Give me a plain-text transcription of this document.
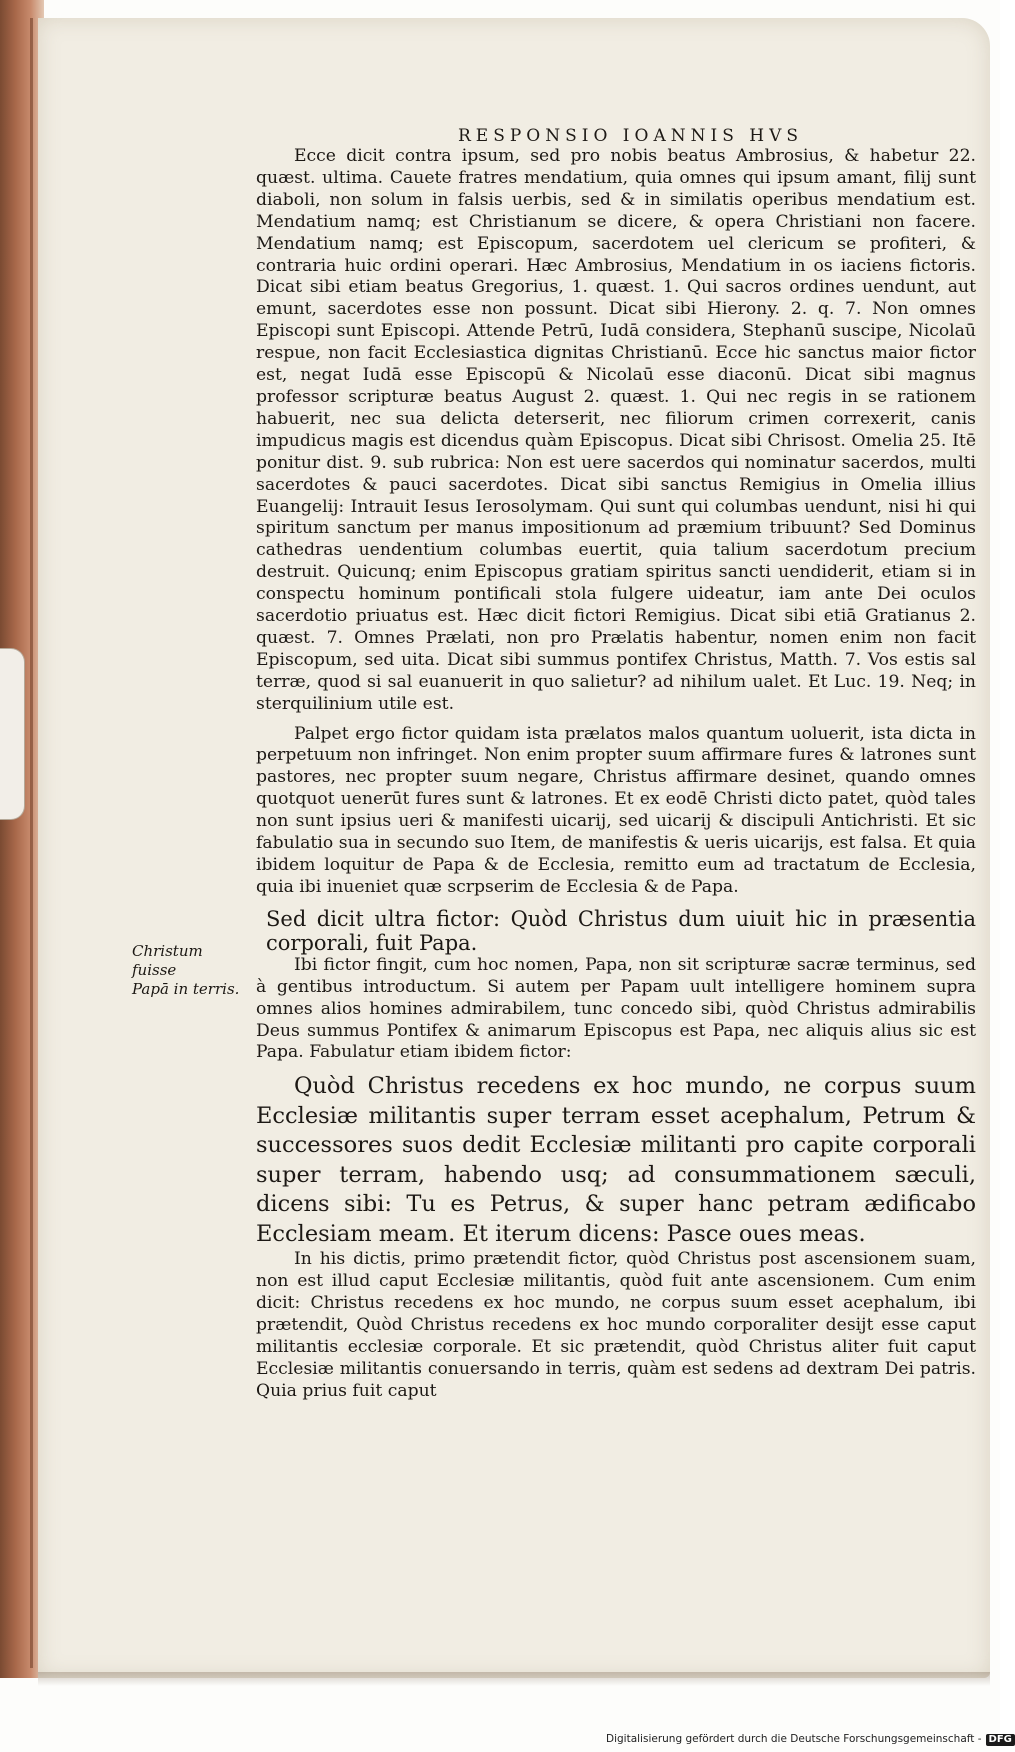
RESPONSIO IOANNIS HVS
Christum fuisse
Papā in terris.

Ecce dicit contra ipsum, sed pro nobis beatus Ambrosius, & habetur 22. quæst. ultima. Cauete fratres mendatium, quia omnes qui ipsum amant, filij sunt diaboli, non solum in falsis uerbis, sed & in similatis operibus mendatium est. Mendatium namq; est Christianum se dicere, & opera Christiani non facere. Mendatium namq; est Episcopum, sacerdotem uel clericum se profiteri, & contraria huic ordini operari. Hæc Ambrosius, Mendatium in os iaciens fictoris. Dicat sibi etiam beatus Gregorius, 1. quæst. 1. Qui sacros ordines uendunt, aut emunt, sacerdotes esse non possunt. Dicat sibi Hierony. 2. q. 7. Non omnes Episcopi sunt Episcopi. Attende Petrū, Iudā considera, Stephanū suscipe, Nicolaū respue, non facit Ecclesiastica dignitas Christianū. Ecce hic sanctus maior fictor est, negat Iudā esse Episcopū & Nicolaū esse diaconū. Dicat sibi magnus professor scripturæ beatus August 2. quæst. 1. Qui nec regis in se rationem habuerit, nec sua delicta deterserit, nec filiorum crimen correxerit, canis impudicus magis est dicendus quàm Episcopus. Dicat sibi Chrisost. Omelia 25. Itē ponitur dist. 9. sub rubrica: Non est uere sacerdos qui nominatur sacerdos, multi sacerdotes & pauci sacerdotes. Dicat sibi sanctus Remigius in Omelia illius Euangelij: Intrauit Iesus Ierosolymam. Qui sunt qui columbas uendunt, nisi hi qui spiritum sanctum per manus impositionum ad præmium tribuunt? Sed Dominus cathedras uendentium columbas euertit, quia talium sacerdotum precium destruit. Quicunq; enim Episcopus gratiam spiritus sancti uendiderit, etiam si in conspectu hominum pontificali stola fulgere uideatur, iam ante Dei oculos sacerdotio priuatus est. Hæc dicit fictori Remigius. Dicat sibi etiā Gratianus 2. quæst. 7. Omnes Prælati, non pro Prælatis habentur, nomen enim non facit Episcopum, sed uita. Dicat sibi summus pontifex Christus, Matth. 7. Vos estis sal terræ, quod si sal euanuerit in quo salietur? ad nihilum ualet. Et Luc. 19. Neq; in sterquilinium utile est.

Palpet ergo fictor quidam ista prælatos malos quantum uoluerit, ista dicta in perpetuum non infringet. Non enim propter suum affirmare fures & latrones sunt pastores, nec propter suum negare, Christus affirmare desinet, quando omnes quotquot uenerūt fures sunt & latrones. Et ex eodē Christi dicto patet, quòd tales non sunt ipsius ueri & manifesti uicarij, sed uicarij & discipuli Antichristi. Et sic fabulatio sua in secundo suo Item, de manifestis & ueris uicarijs, est falsa. Et quia ibidem loquitur de Papa & de Ecclesia, remitto eum ad tractatum de Ecclesia, quia ibi inueniet quæ scrpserim de Ecclesia & de Papa.

Sed dicit ultra fictor: Quòd Christus dum uiuit hic in præsentia corporali, fuit Papa.

Ibi fictor fingit, cum hoc nomen, Papa, non sit scripturæ sacræ terminus, sed à gentibus introductum. Si autem per Papam uult intelligere hominem supra omnes alios homines admirabilem, tunc concedo sibi, quòd Christus admirabilis Deus summus Pontifex & animarum Episcopus est Papa, nec aliquis alius sic est Papa. Fabulatur etiam ibidem fictor:

Quòd Christus recedens ex hoc mundo, ne corpus suum Ecclesiæ militantis super terram esset acephalum, Petrum & successores suos dedit Ecclesiæ militanti pro capite corporali super terram, habendo usq; ad consummationem sæculi, dicens sibi: Tu es Petrus, & super hanc petram ædificabo Ecclesiam meam. Et iterum dicens: Pasce oues meas.

In his dictis, primo prætendit fictor, quòd Christus post ascensionem suam, non est illud caput Ecclesiæ militantis, quòd fuit ante ascensionem. Cum enim dicit: Christus recedens ex hoc mundo, ne corpus suum esset acephalum, ibi prætendit, Quòd Christus recedens ex hoc mundo corporaliter desijt esse caput militantis ecclesiæ corporale. Et sic prætendit, quòd Christus aliter fuit caput Ecclesiæ militantis conuersando in terris, quàm est sedens ad dextram Dei patris. Quia prius fuit caput

Digitalisierung gefördert durch die Deutsche Forschungsgemeinschaft - DFG
